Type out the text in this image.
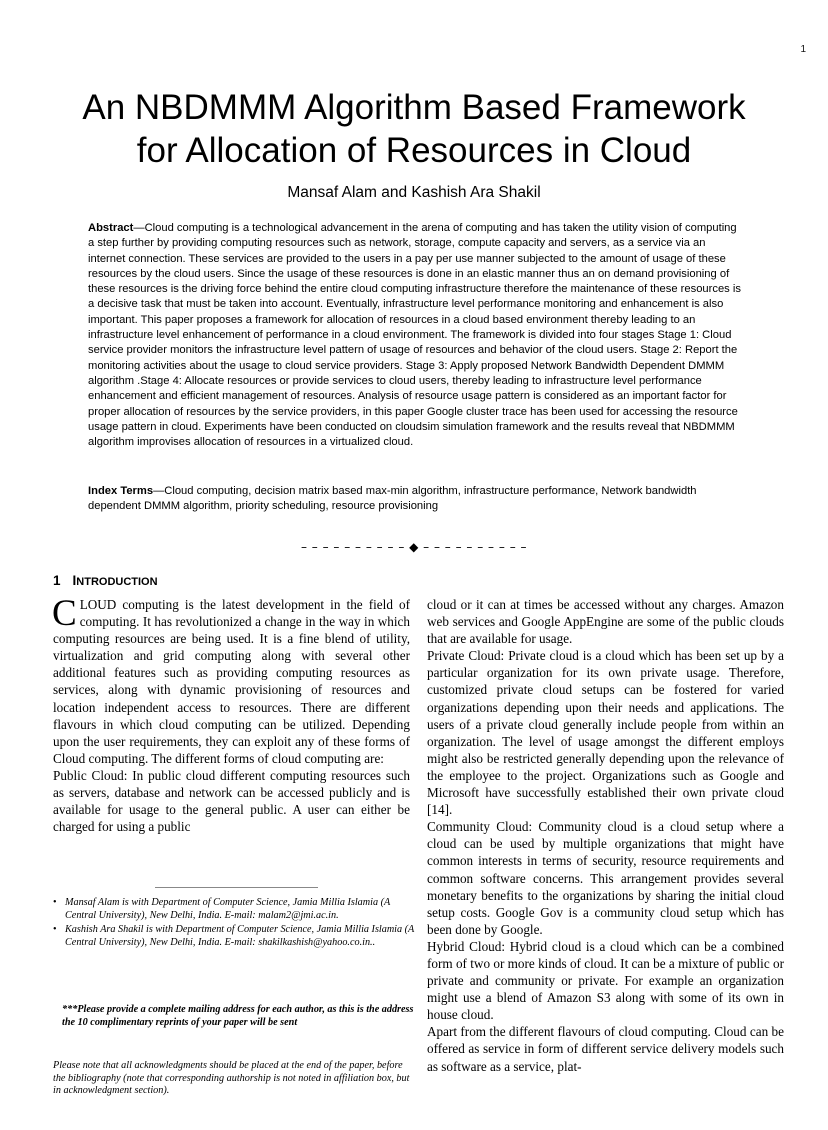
1
An NBDMMM Algorithm Based Framework
for Allocation of Resources in Cloud
Mansaf Alam and Kashish Ara Shakil
Abstract—Cloud computing is a technological advancement in the arena of computing and has taken the utility vision of computing a step further by providing computing resources such as network, storage, compute capacity and servers, as a service via an internet connection. These services are provided to the users in a pay per use manner subjected to the amount of usage of these resources by the cloud users. Since the usage of these resources is done in an elastic manner thus an on demand provisioning of these resources is the driving force behind the entire cloud computing infrastructure therefore the maintenance of these resources is a decisive task that must be taken into account. Eventually, infrastructure level performance monitoring and enhancement is also important. This paper proposes a framework for allocation of resources in a cloud based environment thereby leading to an infrastructure level enhancement of performance in a cloud environment. The framework is divided into four stages Stage 1: Cloud service provider monitors the infrastructure level pattern of usage of resources and behavior of the cloud users. Stage 2: Report the monitoring activities about the usage to cloud service providers. Stage 3: Apply proposed Network Bandwidth Dependent DMMM algorithm .Stage 4: Allocate resources or provide services to cloud users, thereby leading to infrastructure level performance enhancement and efficient management of resources. Analysis of resource usage pattern is considered as an important factor for proper allocation of resources by the service providers, in this paper Google cluster trace has been used for accessing the resource usage pattern in cloud. Experiments have been conducted on cloudsim simulation framework and the results reveal that NBDMMM algorithm improvises allocation of resources in a virtualized cloud.
Index Terms—Cloud computing, decision matrix based max-min algorithm, infrastructure performance, Network bandwidth dependent DMMM algorithm, priority scheduling, resource provisioning
– – – – – – – – – – ◆ – – – – – – – – – –
1 INTRODUCTION

CLOUD computing is the latest development in the field of computing. It has revolutionized a change in the way in which computing resources are being used. It is a fine blend of utility, virtualization and grid computing along with several other additional features such as providing computing resources as services, along with dynamic provisioning of resources and location independent access to resources. There are different flavours in which cloud computing can be utilized. Depending upon the user requirements, they can exploit any of these forms of Cloud computing. The different forms of cloud computing are:

Public Cloud: In public cloud different computing resources such as servers, database and network can be accessed publicly and is available for usage to the general public. A user can either be charged for using a public

cloud or it can at times be accessed without any charges. Amazon web services and Google AppEngine are some of the public clouds that are available for usage.

Private Cloud: Private cloud is a cloud which has been set up by a particular organization for its own private usage. Therefore, customized private cloud setups can be fostered for varied organizations depending upon their needs and applications. The users of a private cloud generally include people from within an organization. The level of usage amongst the different employs might also be restricted generally depending upon the relevance of the employee to the project. Organizations such as Google and Microsoft have successfully established their own private cloud [14].

Community Cloud: Community cloud is a cloud setup where a cloud can be used by multiple organizations that might have common interests in terms of security, resource requirements and common software concerns. This arrangement provides several monetary benefits to the organizations by sharing the initial cloud setup costs. Google Gov is a community cloud setup which has been done by Google.

Hybrid Cloud: Hybrid cloud is a cloud which can be a combined form of two or more kinds of cloud. It can be a mixture of public or private and community or private. For example an organization might use a blend of Amazon S3 along with some of its own in house cloud.

Apart from the different flavours of cloud computing. Cloud can be offered as service in form of different service delivery models such as software as a service, plat-

• Mansaf Alam is with Department of Computer Science, Jamia Millia Islamia (A Central University), New Delhi, India. E-mail: malam2@jmi.ac.in.
• Kashish Ara Shakil is with Department of Computer Science, Jamia Millia Islamia (A Central University), New Delhi, India. E-mail: shakilkashish@yahoo.co.in..
***Please provide a complete mailing address for each author, as this is the address the 10 complimentary reprints of your paper will be sent
Please note that all acknowledgments should be placed at the end of the paper, before the bibliography (note that corresponding authorship is not noted in affiliation box, but in acknowledgment section).
